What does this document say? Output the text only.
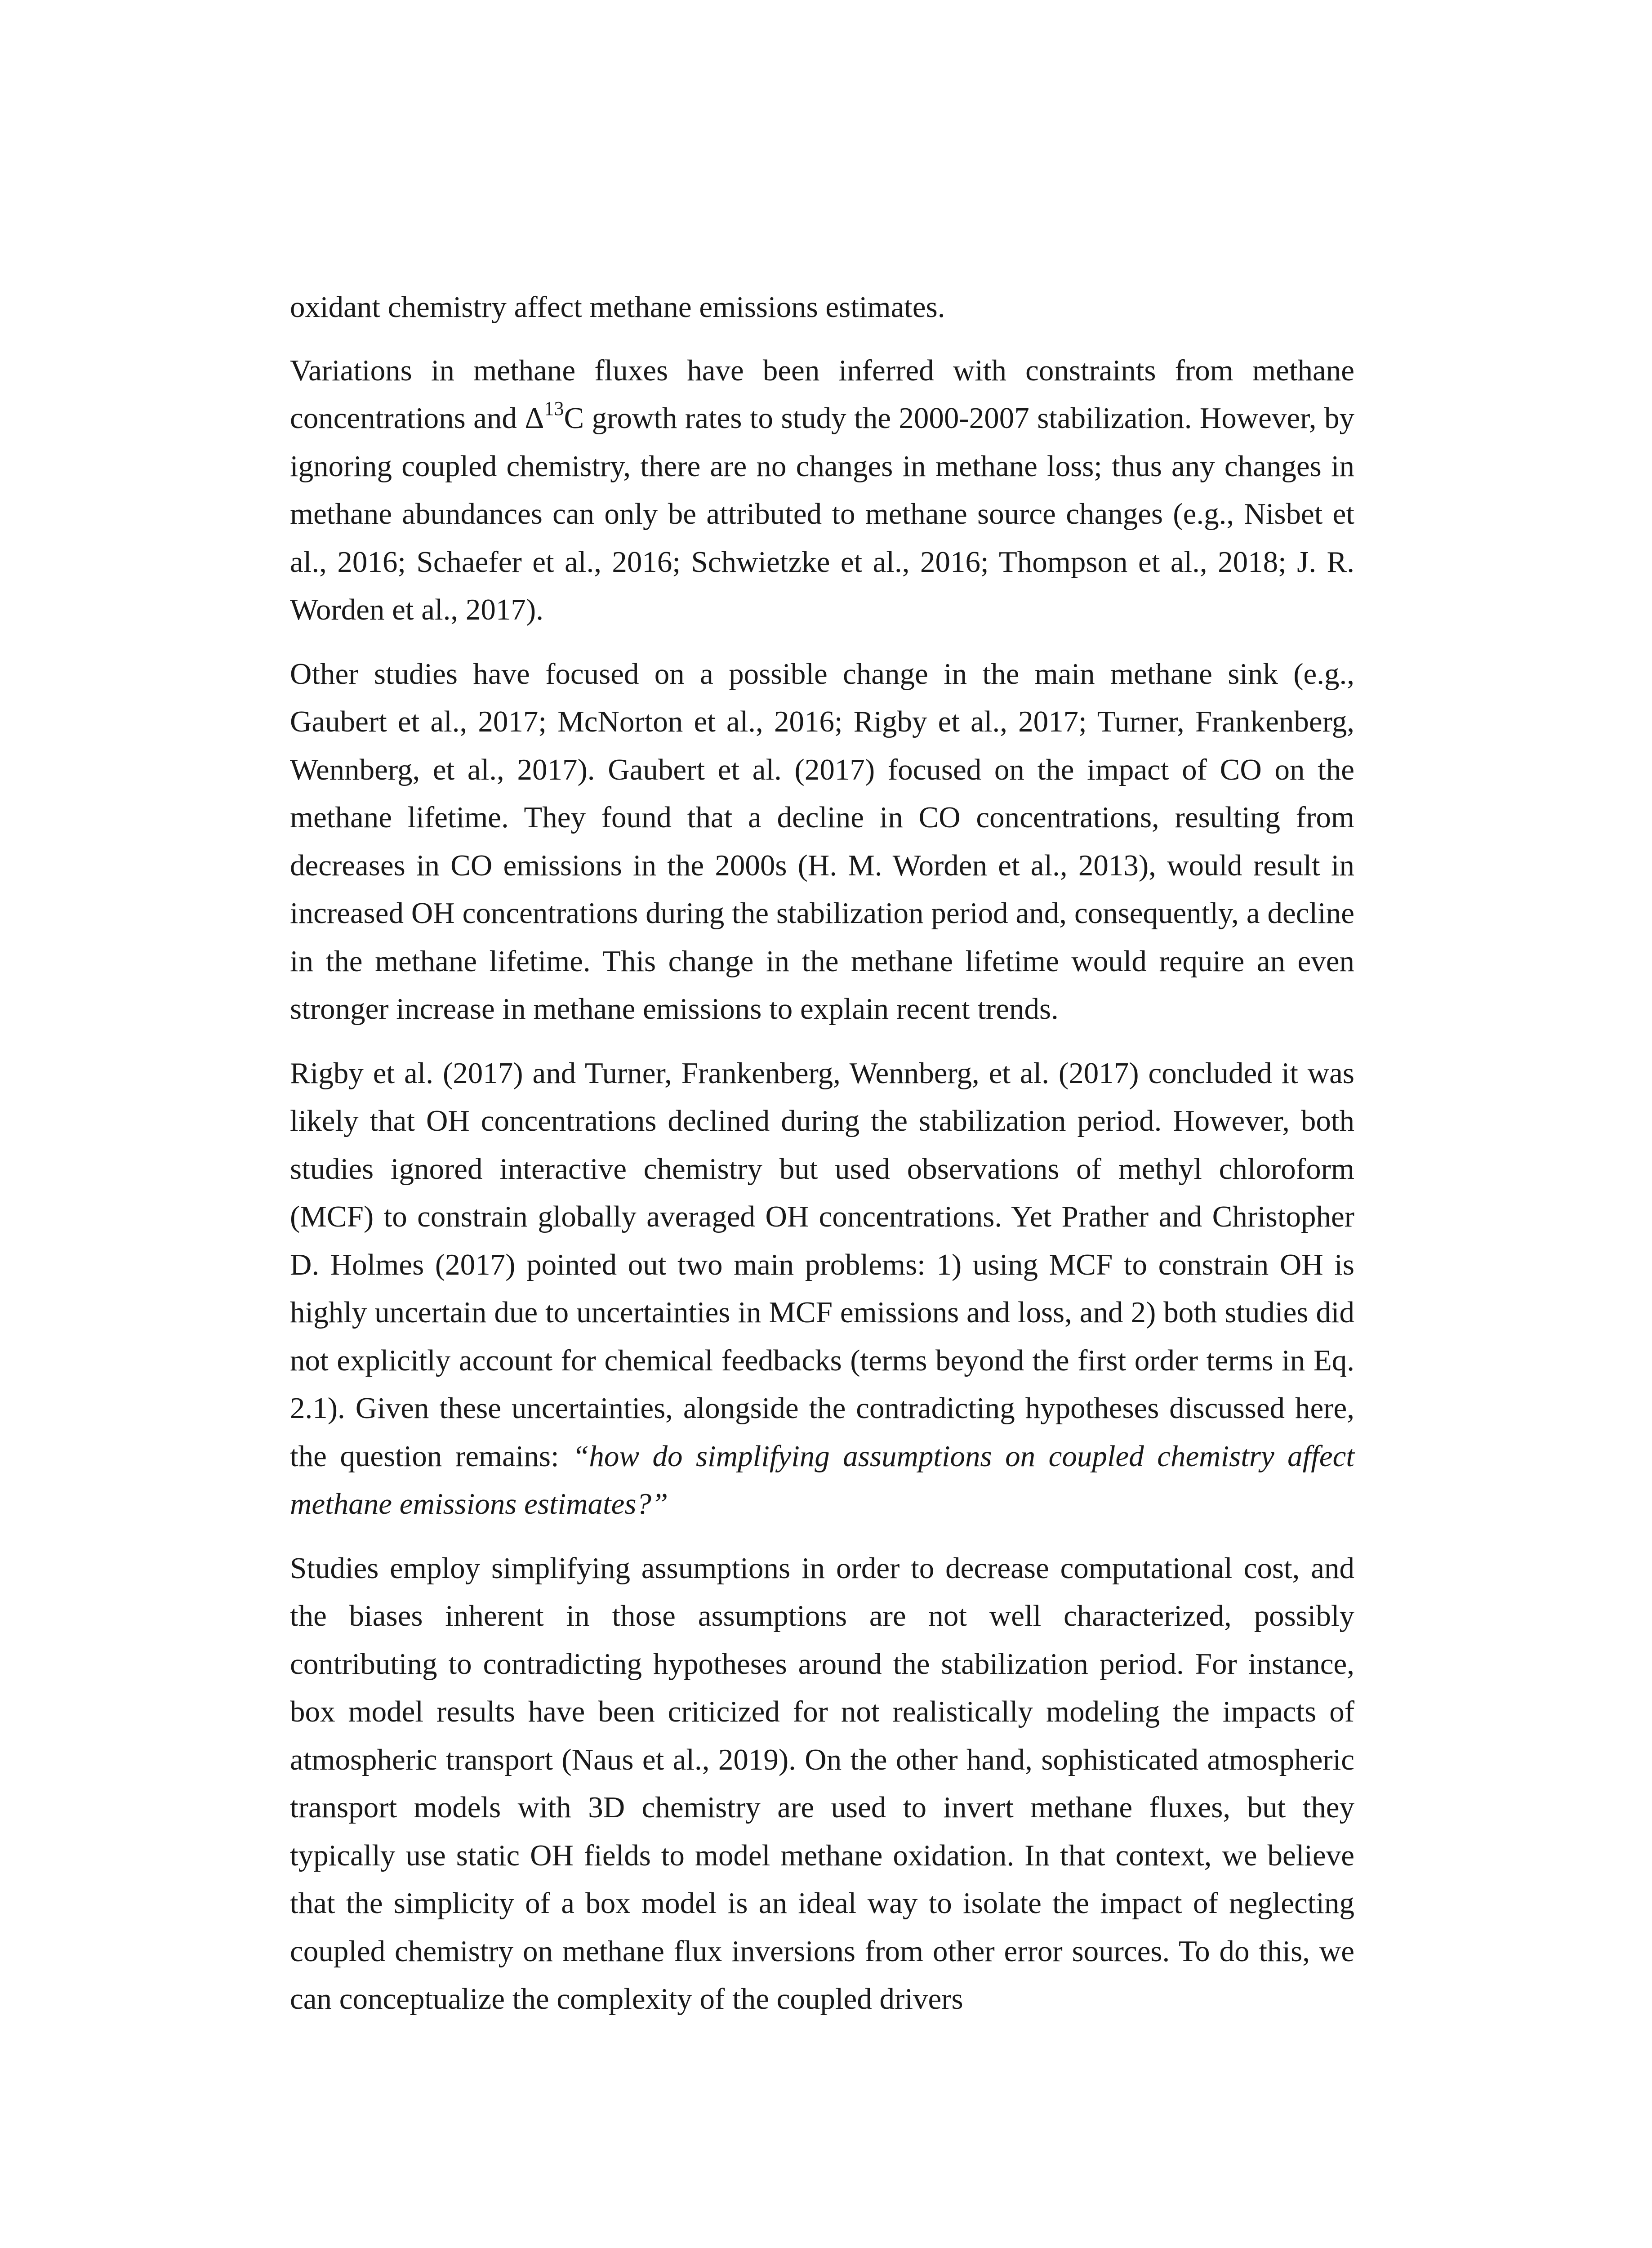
oxidant chemistry affect methane emissions estimates.

Variations in methane fluxes have been inferred with constraints from methane concentrations and $\Delta^{13}C$ growth rates to study the 2000-2007 stabilization. However, by ignoring coupled chemistry, there are no changes in methane loss; thus any changes in methane abundances can only be attributed to methane source changes (e.g., Nisbet et al., 2016; Schaefer et al., 2016; Schwietzke et al., 2016; Thompson et al., 2018; J. R. Worden et al., 2017).

Other studies have focused on a possible change in the main methane sink (e.g., Gaubert et al., 2017; McNorton et al., 2016; Rigby et al., 2017; Turner, Frankenberg, Wennberg, et al., 2017). Gaubert et al. (2017) focused on the impact of CO on the methane lifetime. They found that a decline in CO concentrations, resulting from decreases in CO emissions in the 2000s (H. M. Worden et al., 2013), would result in increased OH concentrations during the stabilization period and, consequently, a decline in the methane lifetime. This change in the methane lifetime would require an even stronger increase in methane emissions to explain recent trends.

Rigby et al. (2017) and Turner, Frankenberg, Wennberg, et al. (2017) concluded it was likely that OH concentrations declined during the stabilization period. However, both studies ignored interactive chemistry but used observations of methyl chloroform (MCF) to constrain globally averaged OH concentrations. Yet Prather and Christopher D. Holmes (2017) pointed out two main problems: 1) using MCF to constrain OH is highly uncertain due to uncertainties in MCF emissions and loss, and 2) both studies did not explicitly account for chemical feedbacks (terms beyond the first order terms in Eq. 2.1). Given these uncertainties, alongside the contradicting hypotheses discussed here, the question remains: “how do simplifying assumptions on coupled chemistry affect methane emissions estimates?”

Studies employ simplifying assumptions in order to decrease computational cost, and the biases inherent in those assumptions are not well characterized, possibly contributing to contradicting hypotheses around the stabilization period. For instance, box model results have been criticized for not realistically modeling the impacts of atmospheric transport (Naus et al., 2019). On the other hand, sophisticated atmospheric transport models with 3D chemistry are used to invert methane fluxes, but they typically use static OH fields to model methane oxidation. In that context, we believe that the simplicity of a box model is an ideal way to isolate the impact of neglecting coupled chemistry on methane flux inversions from other error sources. To do this, we can conceptualize the complexity of the coupled drivers
